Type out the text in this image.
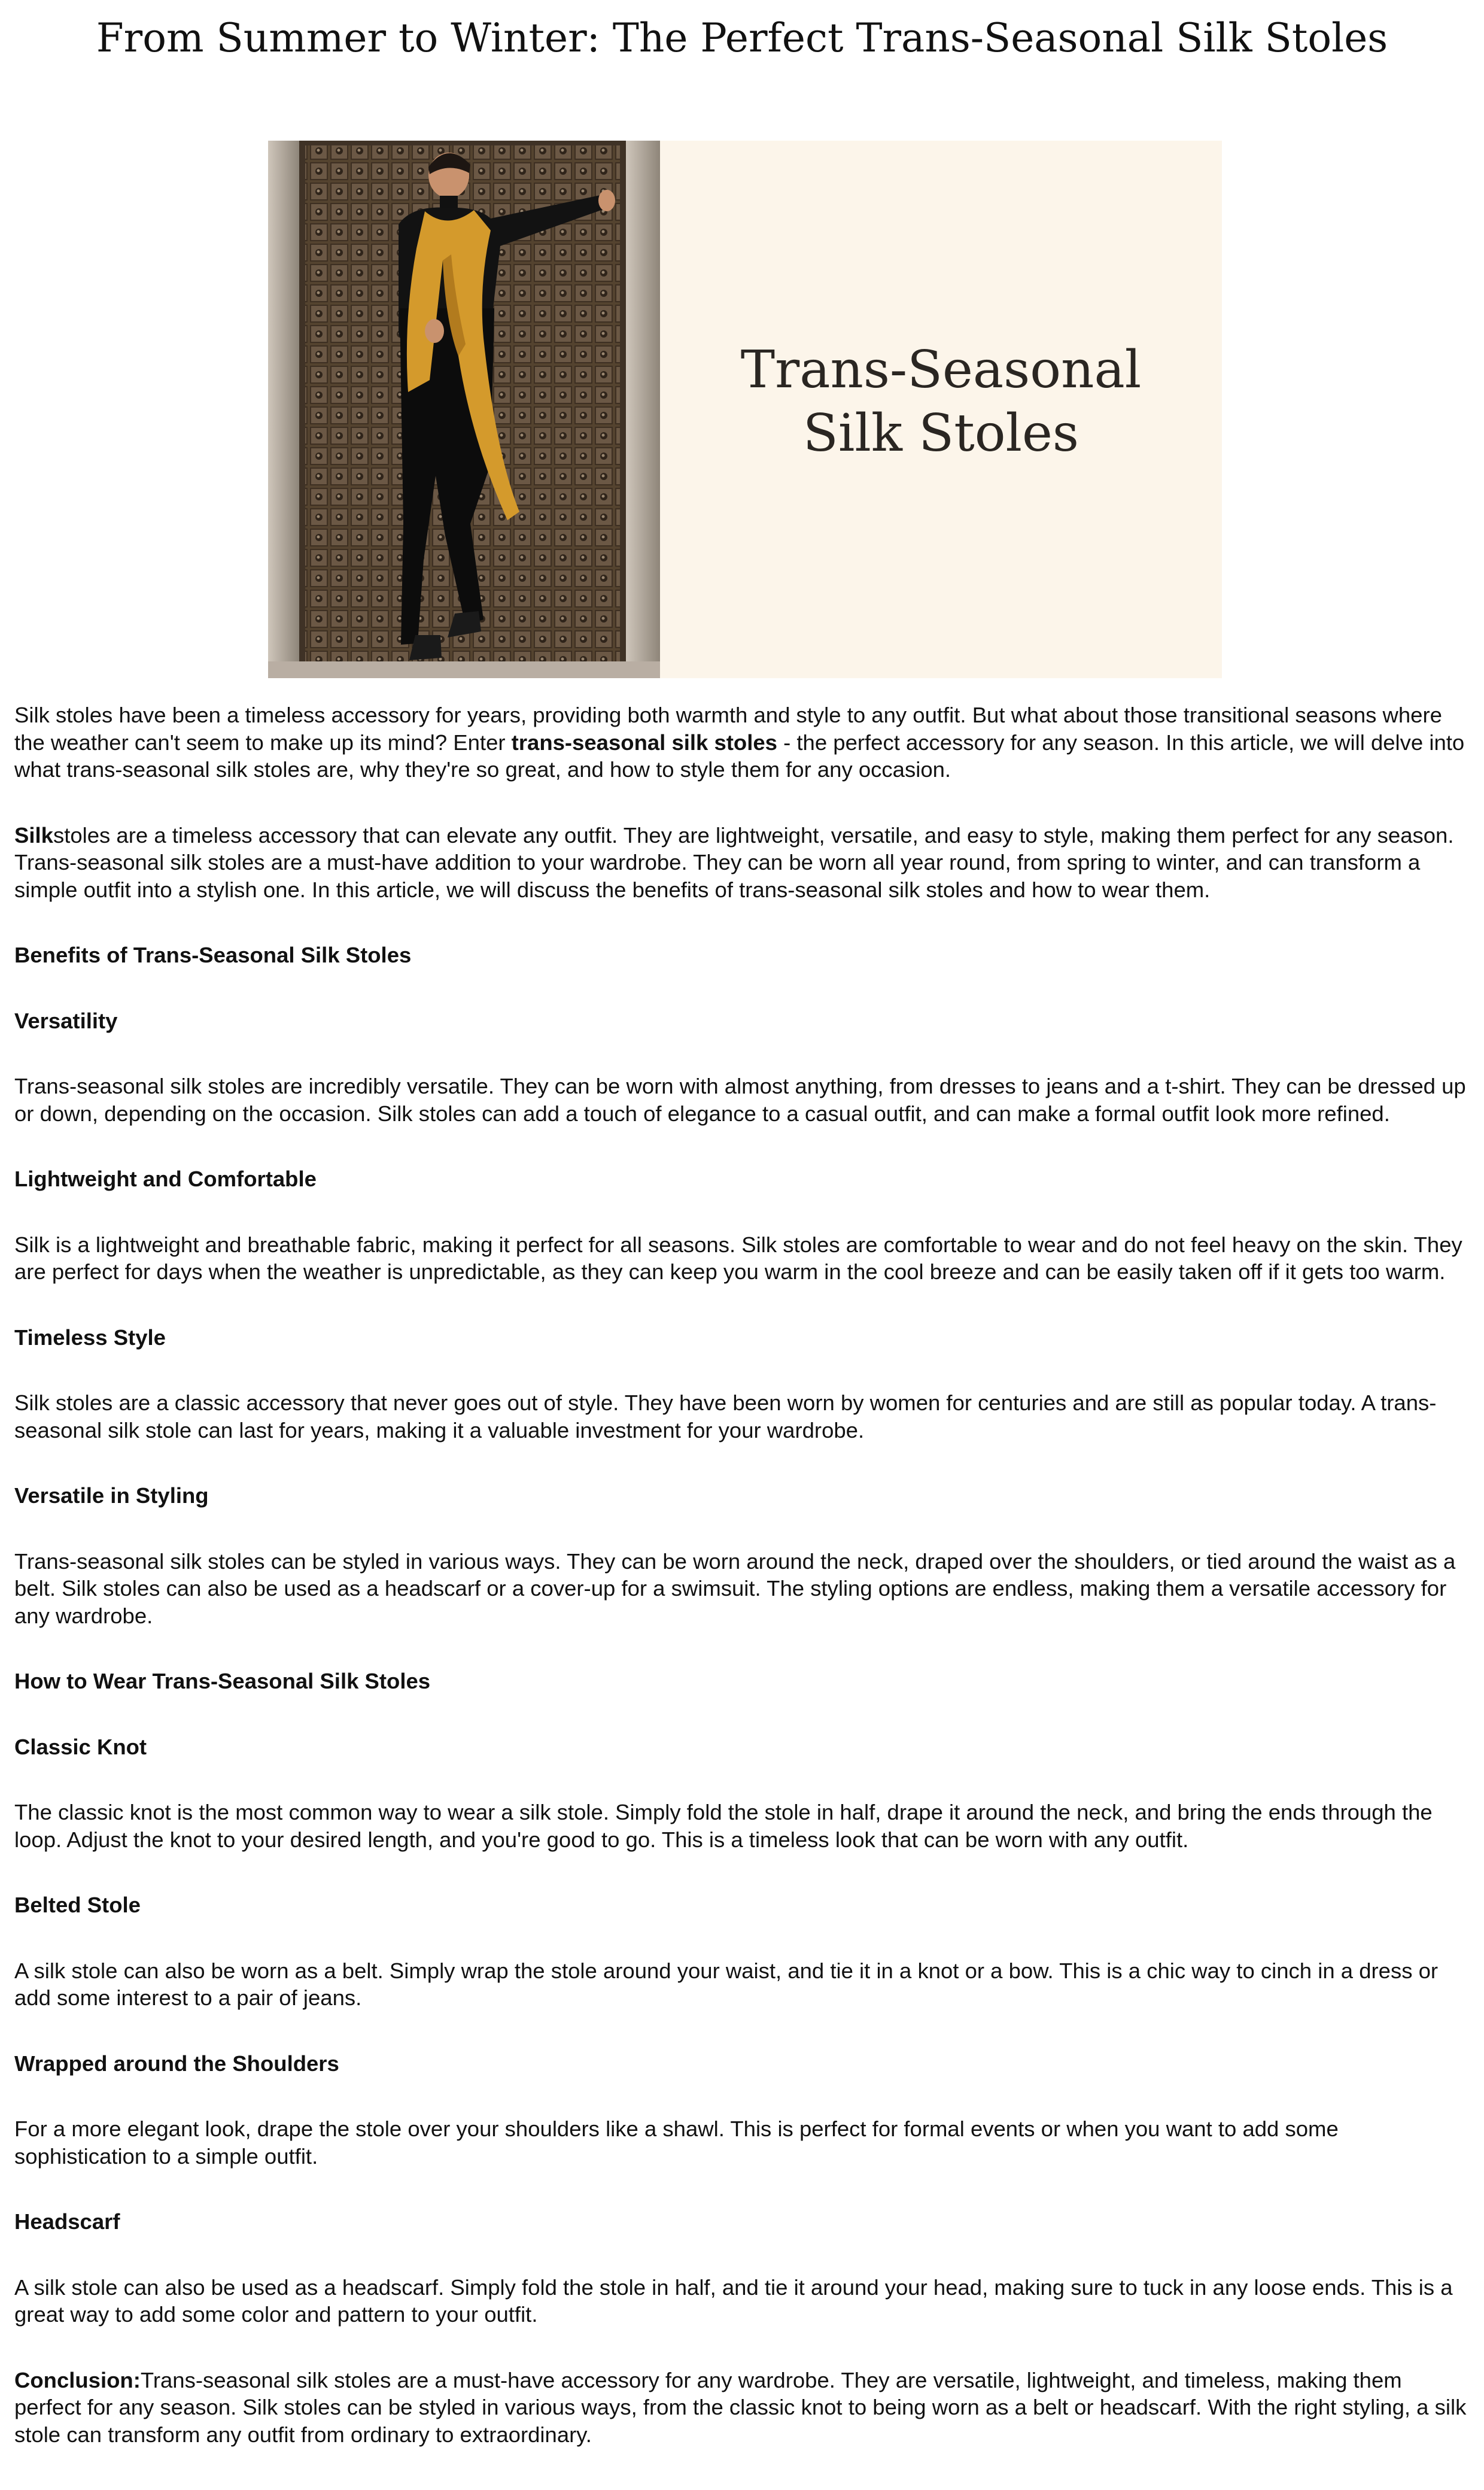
From Summer to Winter: The Perfect Trans-Seasonal Silk Stoles
Trans-Seasonal
Silk Stoles

Silk stoles have been a timeless accessory for years, providing both warmth and style to any outfit. But what about those transitional seasons where the weather can't seem to make up its mind? Enter trans-seasonal silk stoles - the perfect accessory for any season. In this article, we will delve into what trans-seasonal silk stoles are, why they're so great, and how to style them for any occasion.

Silkstoles are a timeless accessory that can elevate any outfit. They are lightweight, versatile, and easy to style, making them perfect for any season. Trans-seasonal silk stoles are a must-have addition to your wardrobe. They can be worn all year round, from spring to winter, and can transform a simple outfit into a stylish one. In this article, we will discuss the benefits of trans-seasonal silk stoles and how to wear them.

Benefits of Trans-Seasonal Silk Stoles
Versatility

Trans-seasonal silk stoles are incredibly versatile. They can be worn with almost anything, from dresses to jeans and a t-shirt. They can be dressed up or down, depending on the occasion. Silk stoles can add a touch of elegance to a casual outfit, and can make a formal outfit look more refined.

Lightweight and Comfortable

Silk is a lightweight and breathable fabric, making it perfect for all seasons. Silk stoles are comfortable to wear and do not feel heavy on the skin. They are perfect for days when the weather is unpredictable, as they can keep you warm in the cool breeze and can be easily taken off if it gets too warm.

Timeless Style

Silk stoles are a classic accessory that never goes out of style. They have been worn by women for centuries and are still as popular today. A trans-seasonal silk stole can last for years, making it a valuable investment for your wardrobe.

Versatile in Styling

Trans-seasonal silk stoles can be styled in various ways. They can be worn around the neck, draped over the shoulders, or tied around the waist as a belt. Silk stoles can also be used as a headscarf or a cover-up for a swimsuit. The styling options are endless, making them a versatile accessory for any wardrobe.

How to Wear Trans-Seasonal Silk Stoles
Classic Knot

The classic knot is the most common way to wear a silk stole. Simply fold the stole in half, drape it around the neck, and bring the ends through the loop. Adjust the knot to your desired length, and you're good to go. This is a timeless look that can be worn with any outfit.

Belted Stole

A silk stole can also be worn as a belt. Simply wrap the stole around your waist, and tie it in a knot or a bow. This is a chic way to cinch in a dress or add some interest to a pair of jeans.

Wrapped around the Shoulders

For a more elegant look, drape the stole over your shoulders like a shawl. This is perfect for formal events or when you want to add some sophistication to a simple outfit.

Headscarf

A silk stole can also be used as a headscarf. Simply fold the stole in half, and tie it around your head, making sure to tuck in any loose ends. This is a great way to add some color and pattern to your outfit.

Conclusion:Trans-seasonal silk stoles are a must-have accessory for any wardrobe. They are versatile, lightweight, and timeless, making them perfect for any season. Silk stoles can be styled in various ways, from the classic knot to being worn as a belt or headscarf. With the right styling, a silk stole can transform any outfit from ordinary to extraordinary.
